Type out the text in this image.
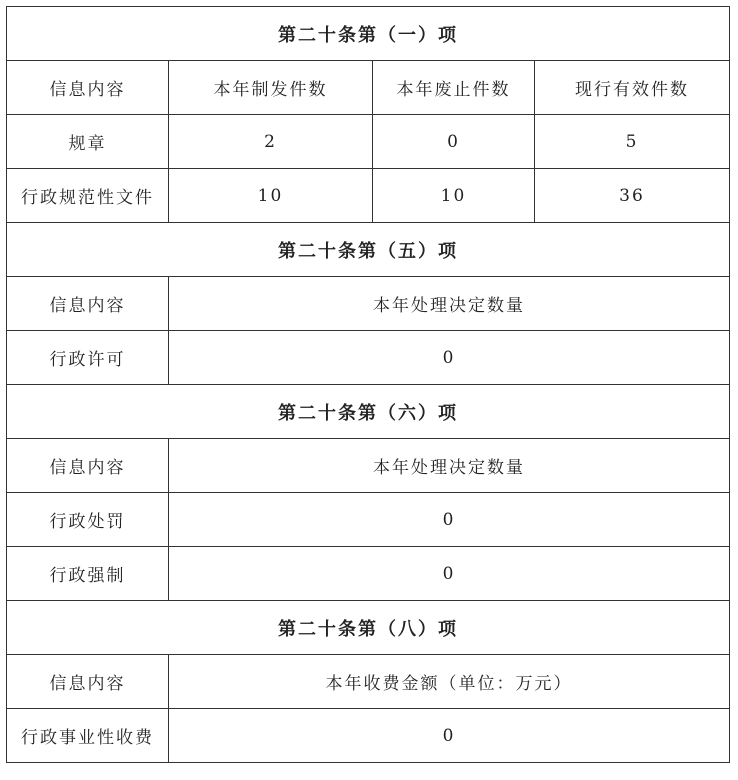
第二十条第（一）项			
信息内容	本年制发件数	本年废止件数	现行有效件数
规章	2	0	5
行政规范性文件	10	10	36
第二十条第（五）项			
信息内容	本年处理决定数量		
行政许可	0		
第二十条第（六）项			
信息内容	本年处理决定数量		
行政处罚	0		
行政强制	0		
第二十条第（八）项			
信息内容	本年收费金额（单位：万元）		
行政事业性收费	0		
